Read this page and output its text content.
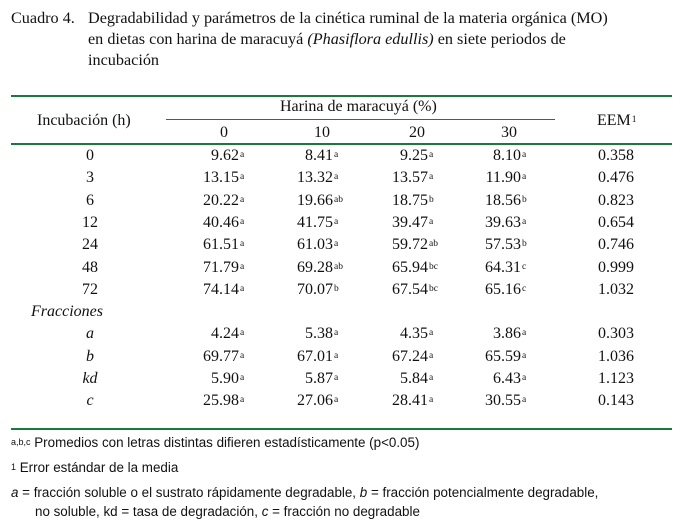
Cuadro 4. Degradabilidad y parámetros de la cinética ruminal de la materia orgánica (MO)
en dietas con harina de maracuyá (Phasiflora edullis) en siete periodos de
incubación
Harina de maracuyá (%)
Incubación (h)
0	10	20	30
EEM$^1$
0	9.62$^a$	8.41$^a$	9.25$^a$	8.10$^a$	0.358
3	13.15$^a$	13.32$^a$	13.57$^a$	11.90$^a$	0.476
6	20.22$^a$	19.66$^{ab}$	18.75$^b$	18.56$^b$	0.823
12	40.46$^a$	41.75$^a$	39.47$^a$	39.63$^a$	0.654
24	61.51$^a$	61.03$^a$	59.72$^{ab}$	57.53$^b$	0.746
48	71.79$^a$	69.28$^{ab}$	65.94$^{bc}$	64.31$^c$	0.999
72	74.14$^a$	70.07$^b$	67.54$^{bc}$	65.16$^c$	1.032
Fracciones
a	4.24$^a$	5.38$^a$	4.35$^a$	3.86$^a$	0.303
b	69.77$^a$	67.01$^a$	67.24$^a$	65.59$^a$	1.036
kd	5.90$^a$	5.87$^a$	5.84$^a$	6.43$^a$	1.123
c	25.98$^a$	27.06$^a$	28.41$^a$	30.55$^a$	0.143
$^{a,b,c}$ Promedios con letras distintas difieren estadísticamente (p<0.05)
$^1$ Error estándar de la media
a = fracción soluble o el sustrato rápidamente degradable, b = fracción potencialmente degradable,
no soluble, kd = tasa de degradación, c = fracción no degradable
